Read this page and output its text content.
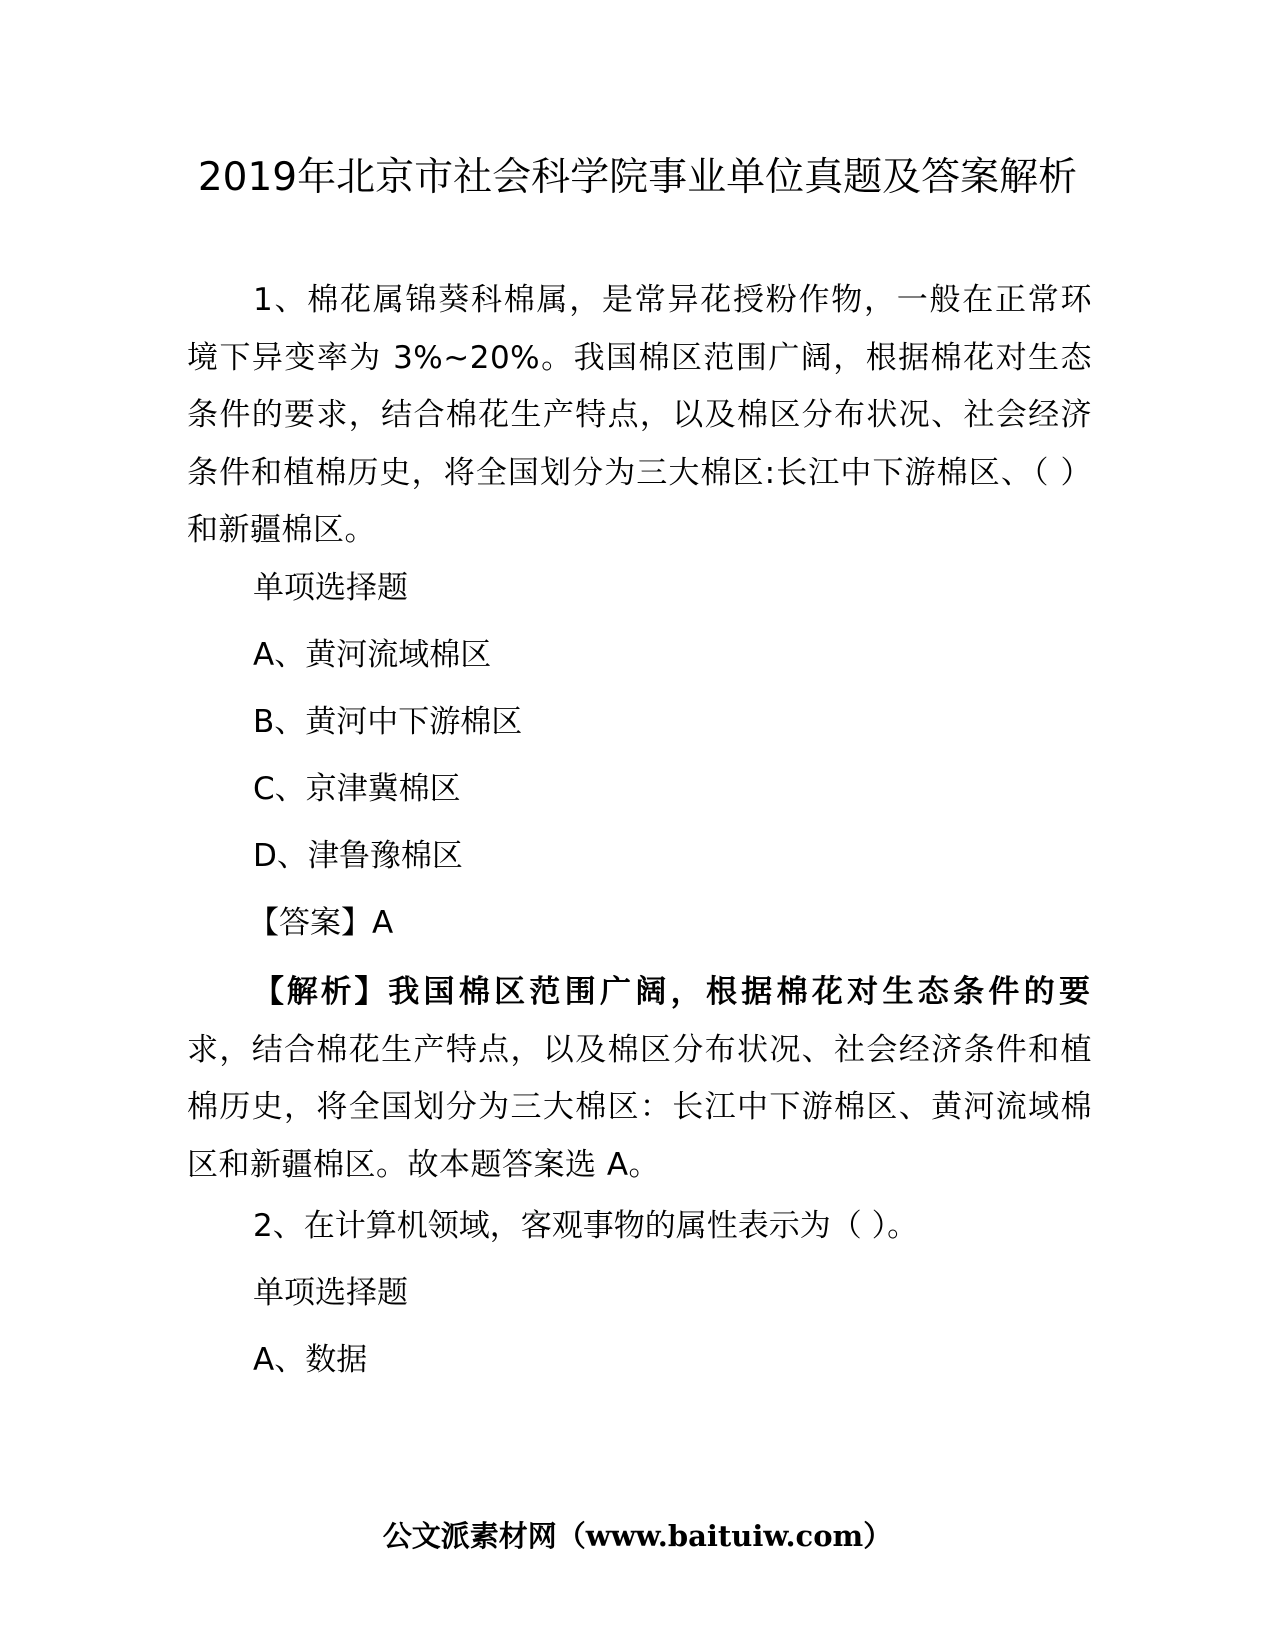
2019年北京市社会科学院事业单位真题及答案解析

1、棉花属锦葵科棉属，是常异花授粉作物，一般在正常环境下异变率为 3%~20%。我国棉区范围广阔，根据棉花对生态条件的要求，结合棉花生产特点，以及棉区分布状况、社会经济条件和植棉历史，将全国划分为三大棉区:长江中下游棉区、（ ）和新疆棉区。

单项选择题

A、黄河流域棉区

B、黄河中下游棉区

C、京津冀棉区

D、津鲁豫棉区

【答案】A

【解析】我国棉区范围广阔，根据棉花对生态条件的要求，结合棉花生产特点，以及棉区分布状况、社会经济条件和植棉历史，将全国划分为三大棉区：长江中下游棉区、黄河流域棉区和新疆棉区。故本题答案选 A。

2、在计算机领域，客观事物的属性表示为（ ）。

单项选择题

A、数据

公文派素材网（www.baituiw.com）
